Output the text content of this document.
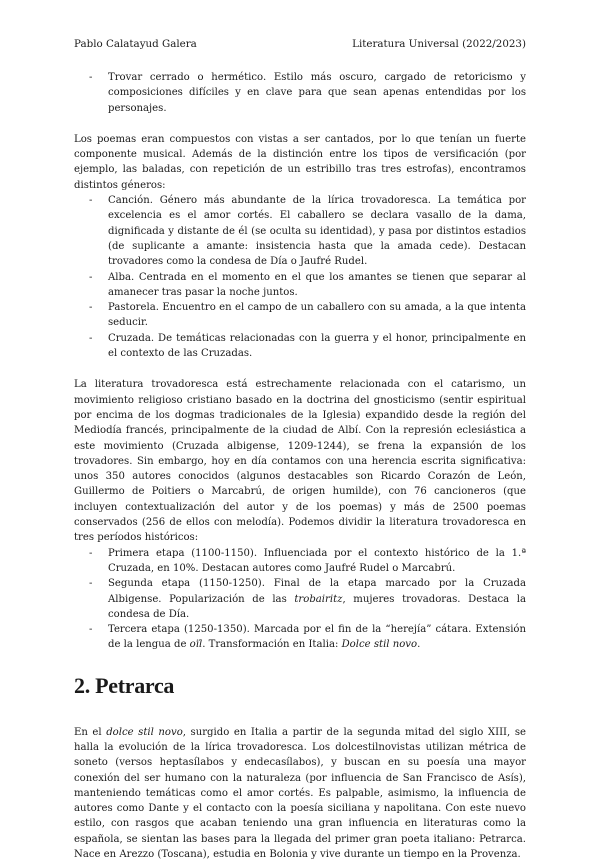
Pablo Calatayud Galera	Literatura Universal (2022/2023)
- Trovar cerrado o hermético. Estilo más oscuro, cargado de retoricismo y composiciones difíciles y en clave para que sean apenas entendidas por los personajes.

Los poemas eran compuestos con vistas a ser cantados, por lo que tenían un fuerte componente musical. Además de la distinción entre los tipos de versificación (por ejemplo, las baladas, con repetición de un estribillo tras tres estrofas), encontramos distintos géneros:

- Canción. Género más abundante de la lírica trovadoresca. La temática por excelencia es el amor cortés. El caballero se declara vasallo de la dama, dignificada y distante de él (se oculta su identidad), y pasa por distintos estadios (de suplicante a amante: insistencia hasta que la amada cede). Destacan trovadores como la condesa de Día o Jaufré Rudel.
- Alba. Centrada en el momento en el que los amantes se tienen que separar al amanecer tras pasar la noche juntos.
- Pastorela. Encuentro en el campo de un caballero con su amada, a la que intenta seducir.
- Cruzada. De temáticas relacionadas con la guerra y el honor, principalmente en el contexto de las Cruzadas.

La literatura trovadoresca está estrechamente relacionada con el catarismo, un movimiento religioso cristiano basado en la doctrina del gnosticismo (sentir espiritual por encima de los dogmas tradicionales de la Iglesia) expandido desde la región del Mediodía francés, principalmente de la ciudad de Albí. Con la represión eclesiástica a este movimiento (Cruzada albigense, 1209-1244), se frena la expansión de los trovadores. Sin embargo, hoy en día contamos con una herencia escrita significativa: unos 350 autores conocidos (algunos destacables son Ricardo Corazón de León, Guillermo de Poitiers o Marcabrú, de origen humilde), con 76 cancioneros (que incluyen contextualización del autor y de los poemas) y más de 2500 poemas conservados (256 de ellos con melodía). Podemos dividir la literatura trovadoresca en tres períodos históricos:

- Primera etapa (1100-1150). Influenciada por el contexto histórico de la 1.ª Cruzada, en 10%. Destacan autores como Jaufré Rudel o Marcabrú.
- Segunda etapa (1150-1250). Final de la etapa marcado por la Cruzada Albigense. Popularización de las trobairitz, mujeres trovadoras. Destaca la condesa de Día.
- Tercera etapa (1250-1350). Marcada por el fin de la “herejía” cátara. Extensión de la lengua de oïl. Transformación en Italia: Dolce stil novo.
2. Petrarca

En el dolce stil novo, surgido en Italia a partir de la segunda mitad del siglo XIII, se halla la evolución de la lírica trovadoresca. Los dolcestilnovistas utilizan métrica de soneto (versos heptasílabos y endecasílabos), y buscan en su poesía una mayor conexión del ser humano con la naturaleza (por influencia de San Francisco de Asís), manteniendo temáticas como el amor cortés. Es palpable, asimismo, la influencia de autores como Dante y el contacto con la poesía siciliana y napolitana. Con este nuevo estilo, con rasgos que acaban teniendo una gran influencia en literaturas como la española, se sientan las bases para la llegada del primer gran poeta italiano: Petrarca. Nace en Arezzo (Toscana), estudia en Bolonia y vive durante un tiempo en la Provenza.
